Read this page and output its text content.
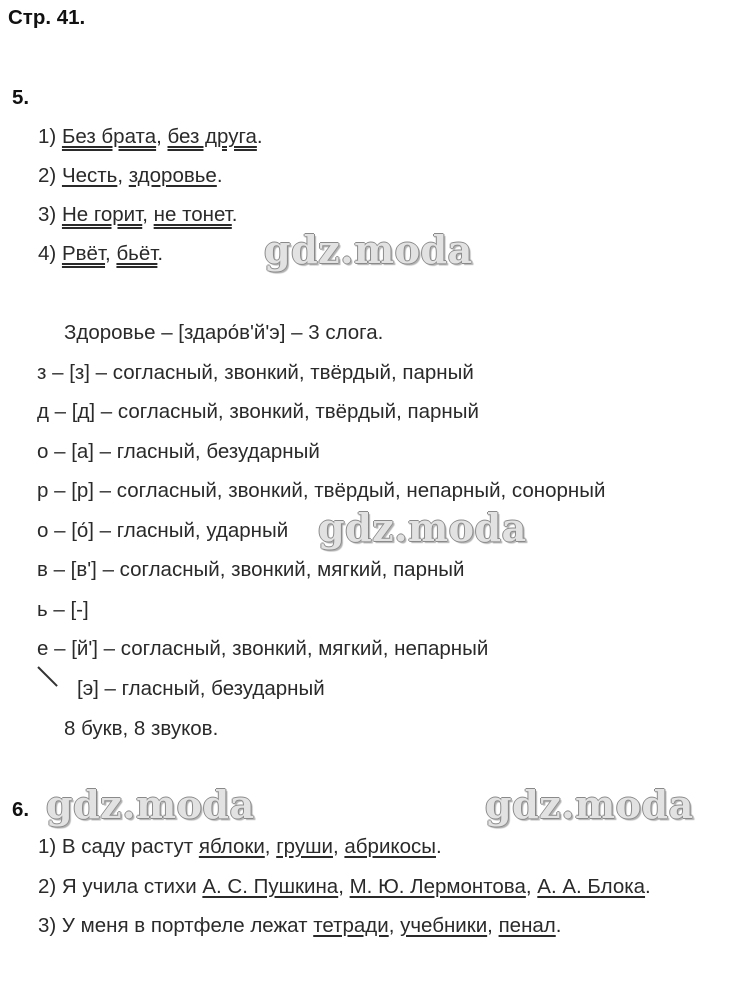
Стр. 41.
5.
1) Без брата, без друга.
2) Честь, здоровье.
3) Не горит, не тонет.
4) Рвёт, бьёт.
Здоровье – [здаро́в'й'э] – 3 слога.
з – [з] – согласный, звонкий, твёрдый, парный
д – [д] – согласный, звонкий, твёрдый, парный
о – [а] – гласный, безударный
р – [р] – согласный, звонкий, твёрдый, непарный, сонорный
о – [о́] – гласный, ударный
в – [в'] – согласный, звонкий, мягкий, парный
ь – [-]
е – [й'] – согласный, звонкий, мягкий, непарный
[э] – гласный, безударный
8 букв, 8 звуков.
6.
1) В саду растут яблоки, груши, абрикосы.
2) Я учила стихи А. С. Пушкина, М. Ю. Лермонтова, А. А. Блока.
3) У меня в портфеле лежат тетради, учебники, пенал.
gdz.moda
gdz.moda
gdz.moda	gdz.moda
